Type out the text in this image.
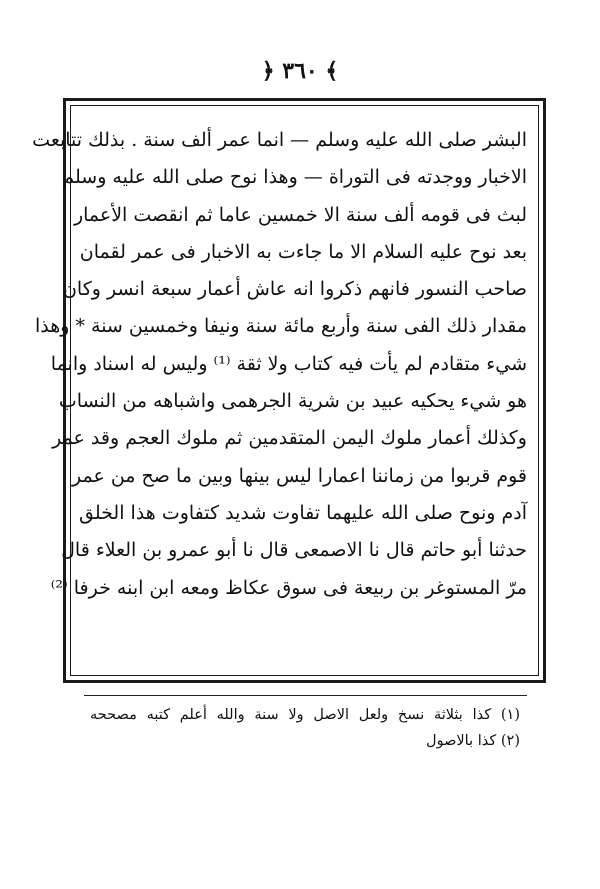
﴿ ٣٦٠ ﴾
البشر صلى الله عليه وسلم — انما عمر ألف سنة . بذلك تتابعت
الاخبار ووجدته فى التوراة — وهذا نوح صلى الله عليه وسلم
لبث فى قومه ألف سنة الا خمسين عاما ثم انقصت الأعمار
بعد نوح عليه السلام الا ما جاءت به الاخبار فى عمر لقمان
صاحب النسور فانهم ذكروا انه عاش أعمار سبعة انسر وكان
مقدار ذلك الفى سنة وأربع مائة سنة ونيفا وخمسين سنة * وهذا
شيء متقادم لم يأت فيه كتاب ولا ثقة ⁽¹⁾ وليس له اسناد وانما
هو شيء يحكيه عبيد بن شرية الجرهمى واشباهه من النساب
وكذلك أعمار ملوك اليمن المتقدمين ثم ملوك العجم وقد عمر
قوم قربوا من زماننا اعمارا ليس بينها وبين ما صح من عمر
آدم ونوح صلى الله عليهما تفاوت شديد كتفاوت هذا الخلق
حدثنا أبو حاتم قال نا الاصمعى قال نا أبو عمرو بن العلاء قال
مرّ المستوغر بن ربيعة فى سوق عكاظ ومعه ابن ابنه خرفا ⁽²⁾
(١) كذا بثلاثة نسخ ولعل الاصل ولا سنة والله أعلم كتبه مصححه
(٢) كذا بالاصول
